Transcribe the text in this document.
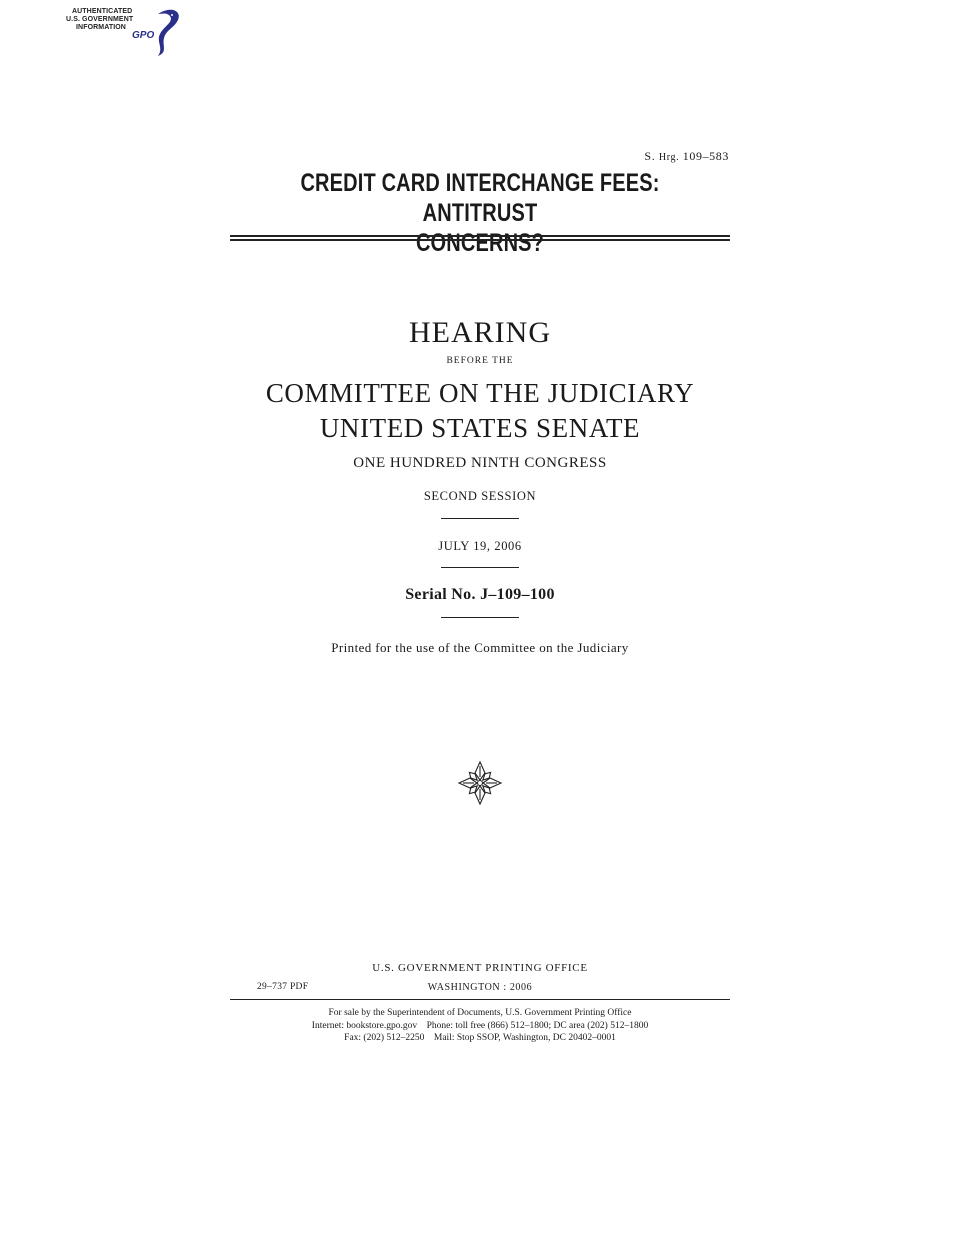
AUTHENTICATED
U.S. GOVERNMENT
INFORMATION
GPO
S. Hrg. 109–583
CREDIT CARD INTERCHANGE FEES: ANTITRUST
CONCERNS?
HEARING
BEFORE THE
COMMITTEE ON THE JUDICIARY
UNITED STATES SENATE
ONE HUNDRED NINTH CONGRESS
SECOND SESSION
JULY 19, 2006
Serial No. J–109–100
Printed for the use of the Committee on the Judiciary
U.S. GOVERNMENT PRINTING OFFICE
29–737 PDF	WASHINGTON : 2006
For sale by the Superintendent of Documents, U.S. Government Printing Office
Internet: bookstore.gpo.gov    Phone: toll free (866) 512–1800; DC area (202) 512–1800
Fax: (202) 512–2250    Mail: Stop SSOP, Washington, DC 20402–0001
